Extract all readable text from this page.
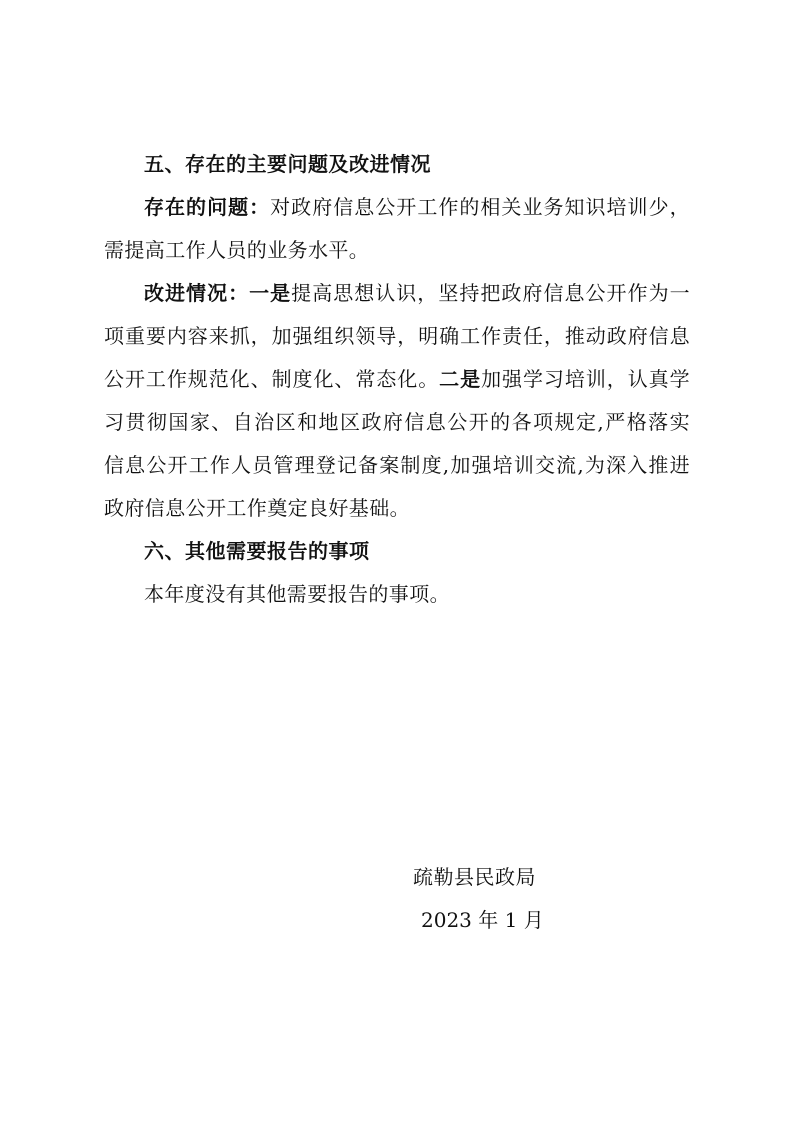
五、存在的主要问题及改进情况
存在的问题：对政府信息公开工作的相关业务知识培训少，
需提高工作人员的业务水平。
改进情况：一是提高思想认识，坚持把政府信息公开作为一
项重要内容来抓，加强组织领导，明确工作责任，推动政府信息
公开工作规范化、制度化、常态化。二是加强学习培训，认真学
习贯彻国家、自治区和地区政府信息公开的各项规定,严格落实
信息公开工作人员管理登记备案制度,加强培训交流,为深入推进
政府信息公开工作奠定良好基础。
六、其他需要报告的事项
本年度没有其他需要报告的事项。
疏勒县民政局
2023 年 1 月
